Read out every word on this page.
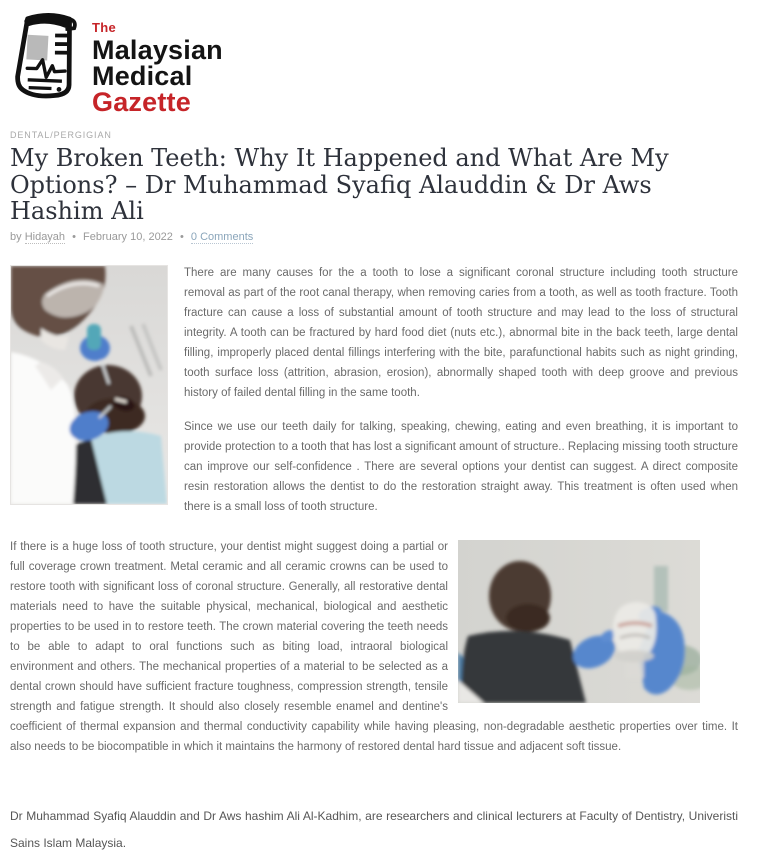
The
Malaysian
Medical
Gazette
DENTAL/PERGIGIAN
My Broken Teeth: Why It Happened and What Are My Options? – Dr Muhammad Syafiq Alauddin & Dr Aws Hashim Ali
by Hidayah • February 10, 2022 • 0 Comments

There are many causes for the a tooth to lose a significant coronal structure including tooth structure removal as part of the root canal therapy, when removing caries from a tooth, as well as tooth fracture. Tooth fracture can cause a loss of substantial amount of tooth structure and may lead to the loss of structural integrity. A tooth can be fractured by hard food diet (nuts etc.), abnormal bite in the back teeth, large dental filling, improperly placed dental fillings interfering with the bite, parafunctional habits such as night grinding, tooth surface loss (attrition, abrasion, erosion), abnormally shaped tooth with deep groove and previous history of failed dental filling in the same tooth.

Since we use our teeth daily for talking, speaking, chewing, eating and even breathing, it is important to provide protection to a tooth that has lost a significant amount of structure.. Replacing missing tooth structure can improve our self-confidence . There are several options your dentist can suggest. A direct composite resin restoration allows the dentist to do the restoration straight away. This treatment is often used when there is a small loss of tooth structure.

If there is a huge loss of tooth structure, your dentist might suggest doing a partial or full coverage crown treatment. Metal ceramic and all ceramic crowns can be used to restore tooth with significant loss of coronal structure. Generally, all restorative dental materials need to have the suitable physical, mechanical, biological and aesthetic properties to be used in to restore teeth. The crown material covering the teeth needs to be able to adapt to oral functions such as biting load, intraoral biological environment and others. The mechanical properties of a material to be selected as a dental crown should have sufficient fracture toughness, compression strength, tensile strength and fatigue strength. It should also closely resemble enamel and dentine's coefficient of thermal expansion and thermal conductivity capability while having pleasing, non-degradable aesthetic properties over time. It also needs to be biocompatible in which it maintains the harmony of restored dental hard tissue and adjacent soft tissue.

Dr Muhammad Syafiq Alauddin and Dr Aws hashim Ali Al-Kadhim, are researchers and clinical lecturers at Faculty of Dentistry, Univeristi Sains Islam Malaysia.
